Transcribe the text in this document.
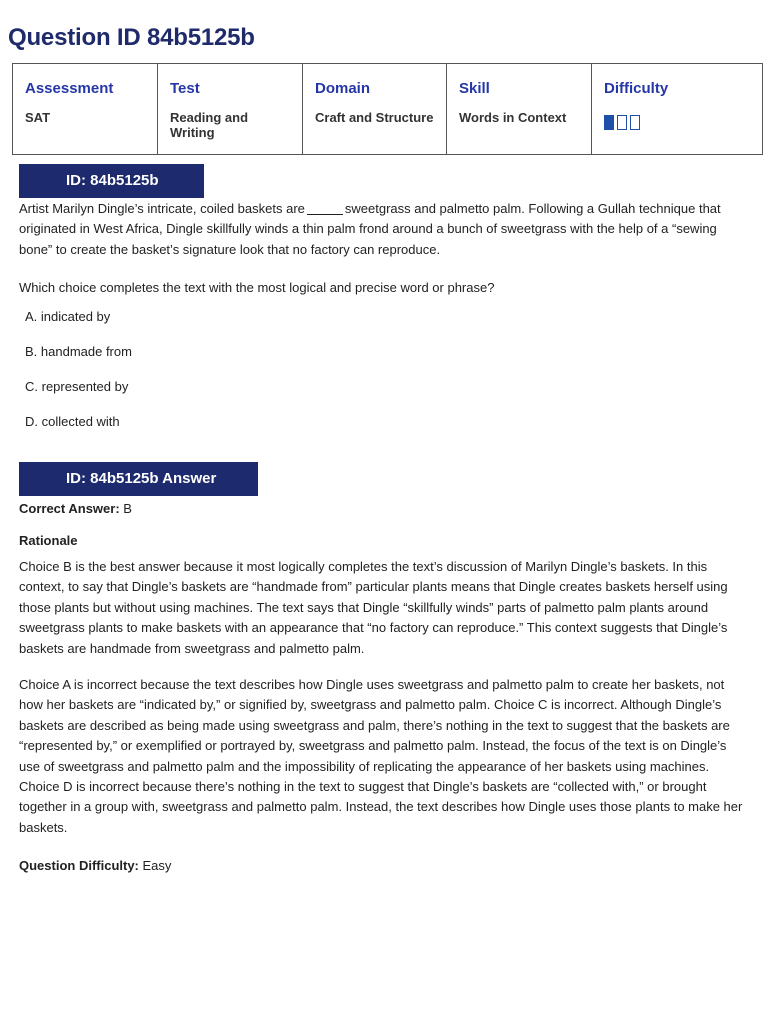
Question ID 84b5125b
Assessment	Test	Domain	Skill	Difficulty
SAT	Reading and Writing	Craft and Structure	Words in Context	
ID: 84b5125b

Artist Marilyn Dingle’s intricate, coiled baskets are	sweetgrass and palmetto palm. Following a Gullah technique that originated in West Africa, Dingle skillfully winds a thin palm frond around a bunch of sweetgrass with the help of a “sewing bone” to create the basket’s signature look that no factory can reproduce.

Which choice completes the text with the most logical and precise word or phrase?

A. indicated by

B. handmade from

C. represented by

D. collected with

ID: 84b5125b Answer

Correct Answer: B

Rationale

Choice B is the best answer because it most logically completes the text’s discussion of Marilyn Dingle’s baskets. In this context, to say that Dingle’s baskets are “handmade from” particular plants means that Dingle creates baskets herself using those plants but without using machines. The text says that Dingle “skillfully winds” parts of palmetto palm plants around sweetgrass plants to make baskets with an appearance that “no factory can reproduce.” This context suggests that Dingle’s baskets are handmade from sweetgrass and palmetto palm.

Choice A is incorrect because the text describes how Dingle uses sweetgrass and palmetto palm to create her baskets, not how her baskets are “indicated by,” or signified by, sweetgrass and palmetto palm. Choice C is incorrect. Although Dingle’s baskets are described as being made using sweetgrass and palm, there’s nothing in the text to suggest that the baskets are “represented by,” or exemplified or portrayed by, sweetgrass and palmetto palm. Instead, the focus of the text is on Dingle’s use of sweetgrass and palmetto palm and the impossibility of replicating the appearance of her baskets using machines. Choice D is incorrect because there’s nothing in the text to suggest that Dingle’s baskets are “collected with,” or brought together in a group with, sweetgrass and palmetto palm. Instead, the text describes how Dingle uses those plants to make her baskets.

Question Difficulty: Easy
